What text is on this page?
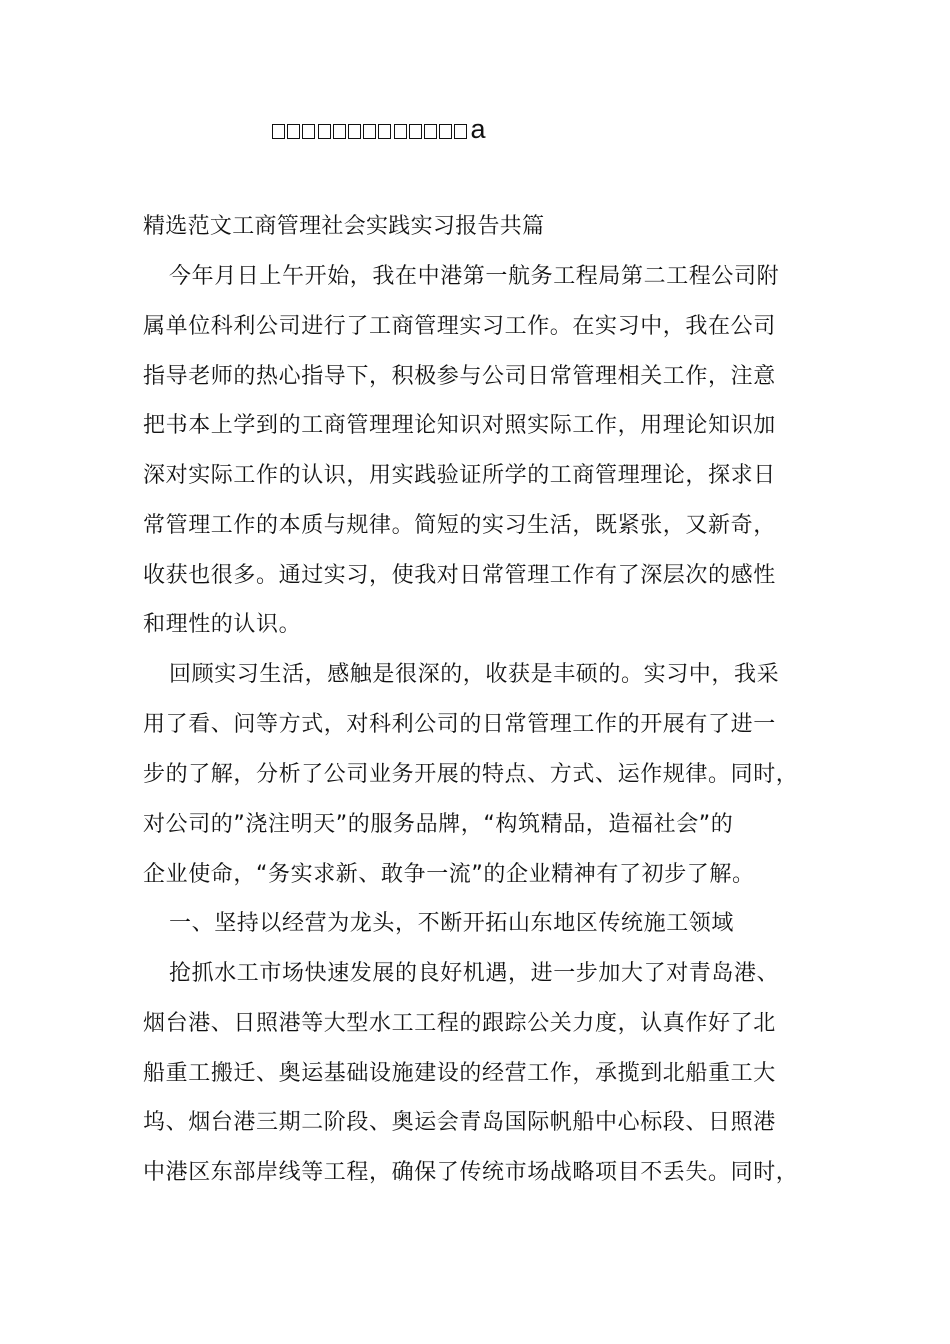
a
精选范文工商管理社会实践实习报告共篇
今年月日上午开始，我在中港第一航务工程局第二工程公司附
属单位科利公司进行了工商管理实习工作。在实习中，我在公司
指导老师的热心指导下，积极参与公司日常管理相关工作，注意
把书本上学到的工商管理理论知识对照实际工作，用理论知识加
深对实际工作的认识，用实践验证所学的工商管理理论，探求日
常管理工作的本质与规律。简短的实习生活，既紧张，又新奇，
收获也很多。通过实习，使我对日常管理工作有了深层次的感性
和理性的认识。
回顾实习生活，感触是很深的，收获是丰硕的。实习中，我采
用了看、问等方式，对科利公司的日常管理工作的开展有了进一
步的了解，分析了公司业务开展的特点、方式、运作规律。同时，
对公司的”浇注明天”的服务品牌，“构筑精品，造福社会”的
企业使命，“务实求新、敢争一流”的企业精神有了初步了解。
一、坚持以经营为龙头，不断开拓山东地区传统施工领域
抢抓水工市场快速发展的良好机遇，进一步加大了对青岛港、
烟台港、日照港等大型水工工程的跟踪公关力度，认真作好了北
船重工搬迁、奥运基础设施建设的经营工作，承揽到北船重工大
坞、烟台港三期二阶段、奥运会青岛国际帆船中心标段、日照港
中港区东部岸线等工程，确保了传统市场战略项目不丢失。同时，
